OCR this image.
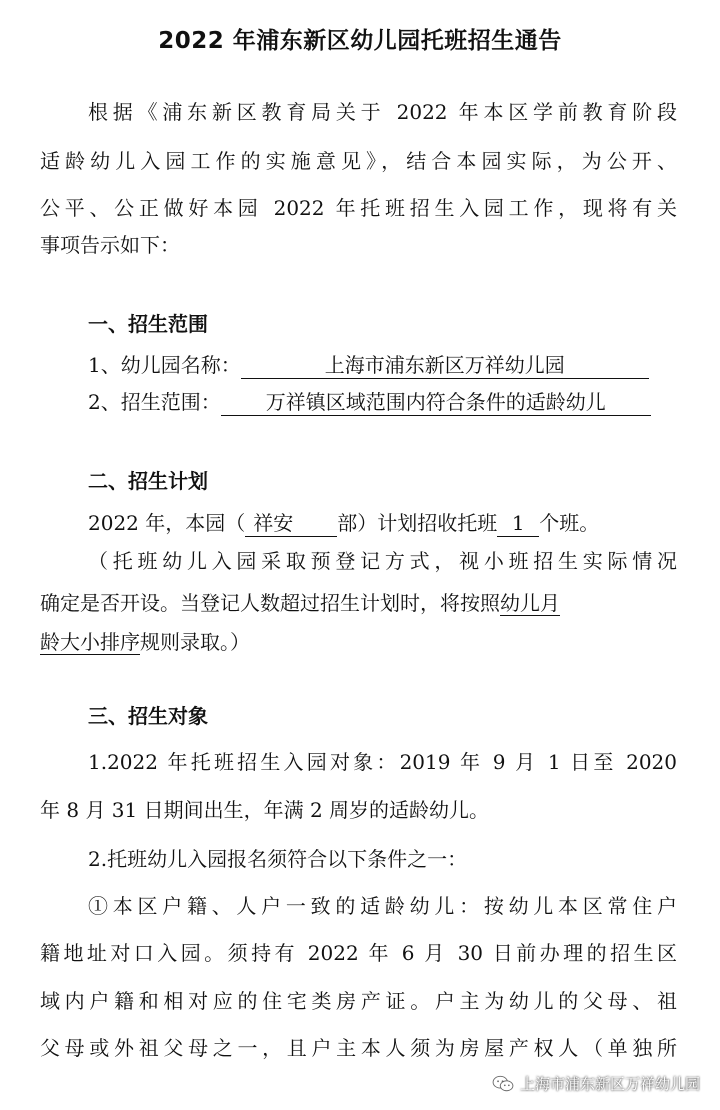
2022 年浦东新区幼儿园托班招生通告
根据《浦东新区教育局关于 2022 年本区学前教育阶段
适龄幼儿入园工作的实施意见》，结合本园实际，为公开、
公平、公正做好本园 2022 年托班招生入园工作，现将有关
事项告示如下：
一、招生范围
1、幼儿园名称：	上海市浦东新区万祥幼儿园
2、招生范围： 万祥镇区域范围内符合条件的适龄幼儿
二、招生计划
2022 年，本园（ 祥安 部）计划招收托班 1 个班。
（托班幼儿入园采取预登记方式，视小班招生实际情况
确定是否开设。当登记人数超过招生计划时，将按照幼儿月
龄大小排序规则录取。）
三、招生对象
1.2022 年托班招生入园对象：2019 年 9 月 1 日至 2020
年 8 月 31 日期间出生，年满 2 周岁的适龄幼儿。
2.托班幼儿入园报名须符合以下条件之一：
①本区户籍、人户一致的适龄幼儿：按幼儿本区常住户
籍地址对口入园。须持有 2022 年 6 月 30 日前办理的招生区
域内户籍和相对应的住宅类房产证。户主为幼儿的父母、祖
父母或外祖父母之一，且户主本人须为房屋产权人（单独所
上海市浦东新区万祥幼儿园
